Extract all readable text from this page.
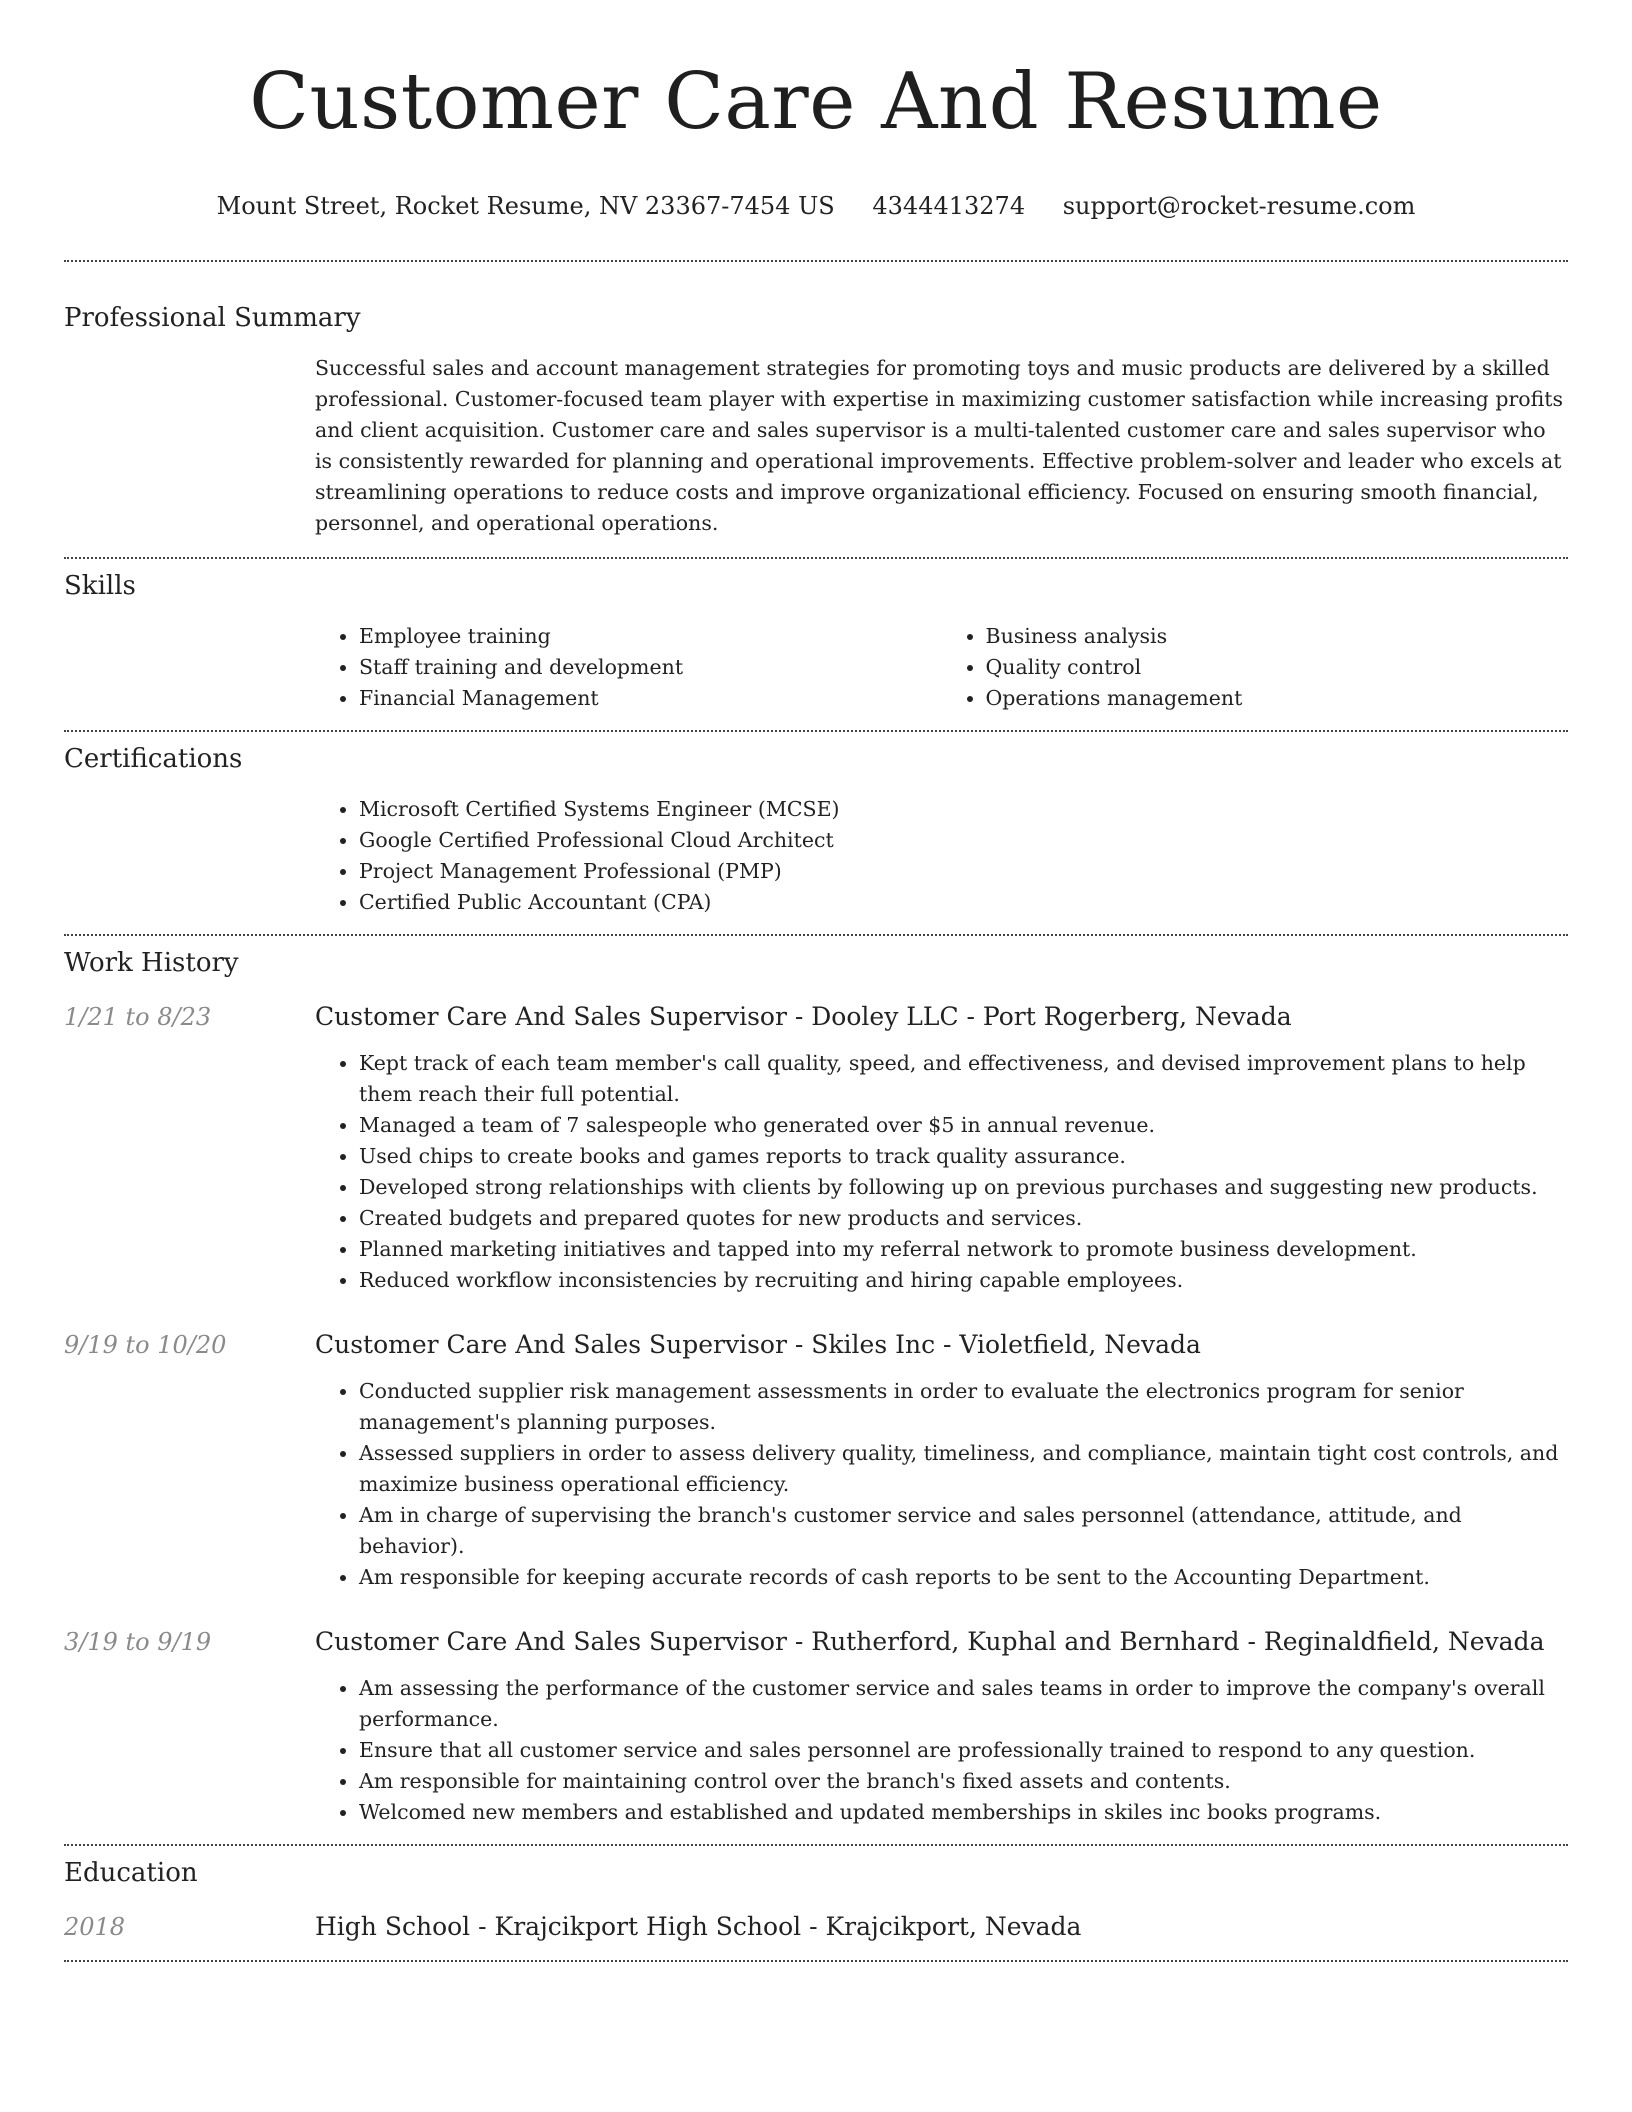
Customer Care And Resume
Mount Street, Rocket Resume, NV 23367-7454 US 4344413274 support@rocket-resume.com
Professional Summary

Successful sales and account management strategies for promoting toys and music products are delivered by a skilled professional. Customer-focused team player with expertise in maximizing customer satisfaction while increasing profits and client acquisition. Customer care and sales supervisor is a multi-talented customer care and sales supervisor who is consistently rewarded for planning and operational improvements. Effective problem-solver and leader who excels at streamlining operations to reduce costs and improve organizational efficiency. Focused on ensuring smooth financial, personnel, and operational operations.

Skills
• Employee training
• Staff training and development
• Financial Management
• Business analysis
• Quality control
• Operations management
Certifications
• Microsoft Certified Systems Engineer (MCSE)
• Google Certified Professional Cloud Architect
• Project Management Professional (PMP)
• Certified Public Accountant (CPA)
Work History
1/21 to 8/23	Customer Care And Sales Supervisor - Dooley LLC - Port Rogerberg, Nevada
• Kept track of each team member's call quality, speed, and effectiveness, and devised improvement plans to help them reach their full potential.
• Managed a team of 7 salespeople who generated over $5 in annual revenue.
• Used chips to create books and games reports to track quality assurance.
• Developed strong relationships with clients by following up on previous purchases and suggesting new products.
• Created budgets and prepared quotes for new products and services.
• Planned marketing initiatives and tapped into my referral network to promote business development.
• Reduced workflow inconsistencies by recruiting and hiring capable employees.
9/19 to 10/20	Customer Care And Sales Supervisor - Skiles Inc - Violetfield, Nevada
• Conducted supplier risk management assessments in order to evaluate the electronics program for senior management's planning purposes.
• Assessed suppliers in order to assess delivery quality, timeliness, and compliance, maintain tight cost controls, and maximize business operational efficiency.
• Am in charge of supervising the branch's customer service and sales personnel (attendance, attitude, and behavior).
• Am responsible for keeping accurate records of cash reports to be sent to the Accounting Department.
3/19 to 9/19	Customer Care And Sales Supervisor - Rutherford, Kuphal and Bernhard - Reginaldfield, Nevada
• Am assessing the performance of the customer service and sales teams in order to improve the company's overall performance.
• Ensure that all customer service and sales personnel are professionally trained to respond to any question.
• Am responsible for maintaining control over the branch's fixed assets and contents.
• Welcomed new members and established and updated memberships in skiles inc books programs.
Education
2018	High School - Krajcikport High School - Krajcikport, Nevada
